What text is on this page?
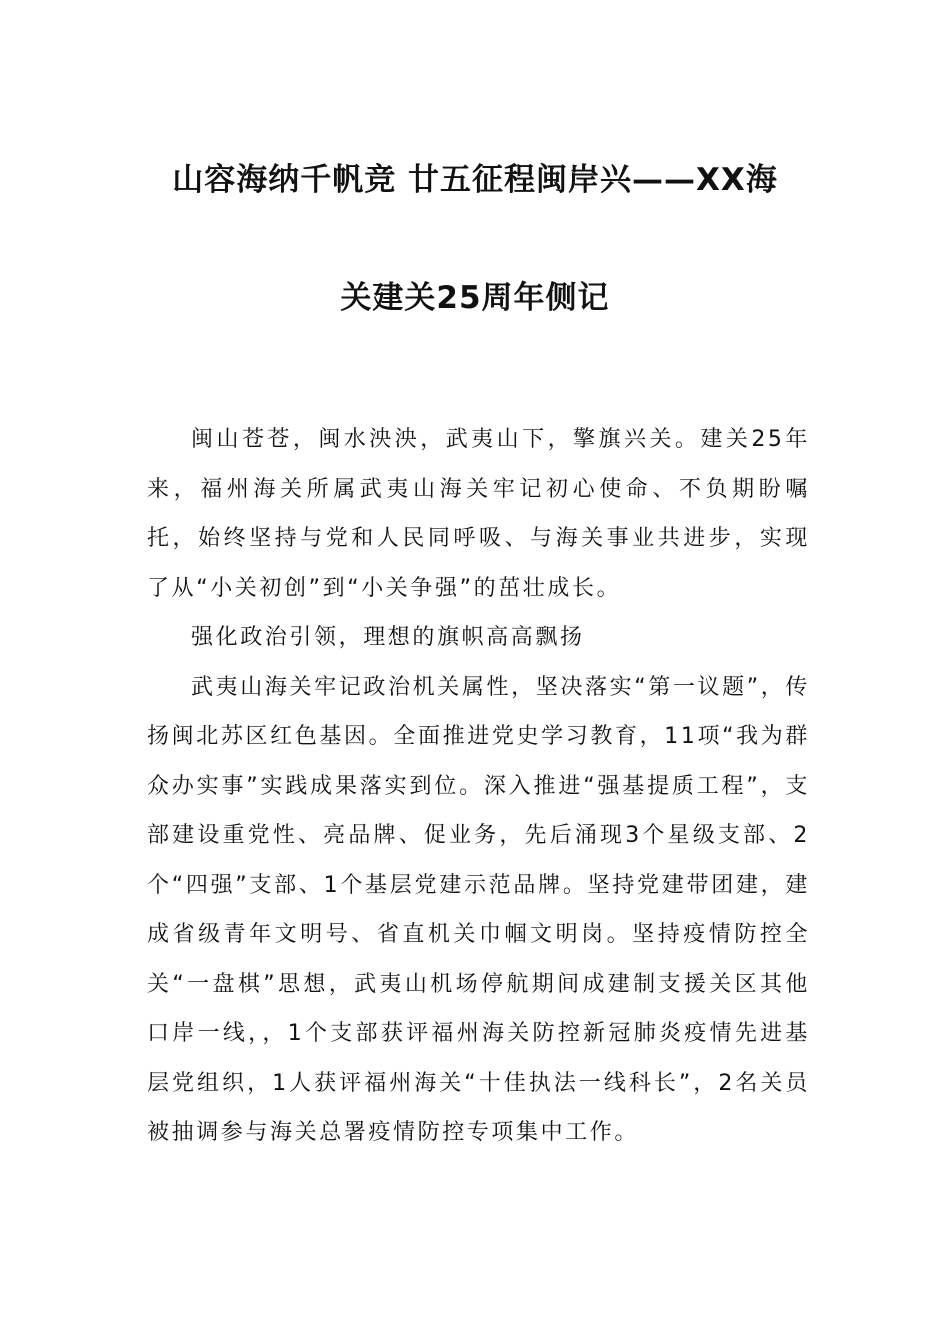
山容海纳千帆竞 廿五征程闽岸兴——XX海
关建关25周年侧记

闽山苍苍，闽水泱泱，武夷山下，擎旗兴关。建关25年来，福州海关所属武夷山海关牢记初心使命、不负期盼嘱托，始终坚持与党和人民同呼吸、与海关事业共进步，实现了从“小关初创”到“小关争强”的茁壮成长。

强化政治引领，理想的旗帜高高飘扬

武夷山海关牢记政治机关属性，坚决落实“第一议题”，传扬闽北苏区红色基因。全面推进党史学习教育，11项“我为群众办实事”实践成果落实到位。深入推进“强基提质工程”，支部建设重党性、亮品牌、促业务，先后涌现3个星级支部、2个“四强”支部、1个基层党建示范品牌。坚持党建带团建，建成省级青年文明号、省直机关巾帼文明岗。坚持疫情防控全关“一盘棋”思想，武夷山机场停航期间成建制支援关区其他口岸一线，，1个支部获评福州海关防控新冠肺炎疫情先进基层党组织，1人获评福州海关“十佳执法一线科长”，2名关员被抽调参与海关总署疫情防控专项集中工作。
